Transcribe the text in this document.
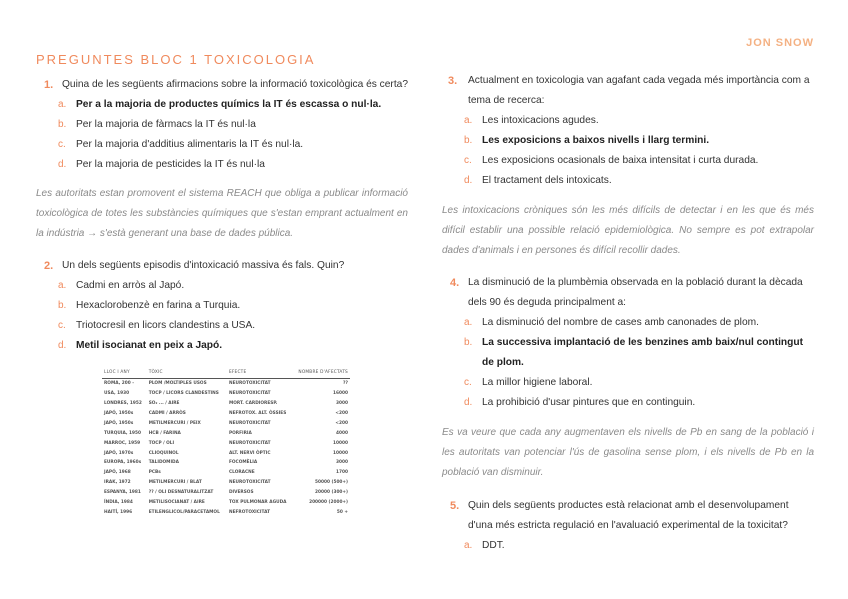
PREGUNTES BLOC 1 TOXICOLOGIA
JON SNOW
1. Quina de les següents afirmacions sobre la informació toxicològica és certa?
a. Per a la majoria de productes químics la IT és escassa o nul·la.
b. Per la majoria de fàrmacs la IT és nul·la
c. Per la majoria d'additius alimentaris la IT és nul·la.
d. Per la majoria de pesticides la IT és nul·la
Les autoritats estan promovent el sistema REACH que obliga a publicar informació toxicològica de totes les substàncies químiques que s'estan emprant actualment en la indústria → s'està generant una base de dades pública.
2. Un dels següents episodis d'intoxicació massiva és fals. Quin?
a. Cadmi en arròs al Japó.
b. Hexaclorobenzè en farina a Turquia.
c. Triotocresil en licors clandestins a USA.
d. Metil isocianat en peix a Japó.
LLOC I ANY	TÒXIC	EFECTE	NOMBRE D'AFECTATS
ROMA, 200 -	PLOM /MOLTIPLES USOS	NEUROTOXICITAT	??
USA, 1930	TOCP / LICORS CLANDESTINS	NEUROTOXICITAT	16000
LONDRES, 1952	SO₂ ... / AIRE	MORT. CARDIORESP.	3000
JAPÓ, 1950s	CADMI / ARRÒS	NEFROTOX. ALT. ÒSSIES	<200
JAPÓ, 1950s	METILMERCURI / PEIX	NEUROTOXICITAT	<200
TURQUIA, 1950	HCB / FARINA	PORFIRIA	4000
MARROC, 1959	TOCP / OLI	NEUROTOXICITAT	10000
JAPÓ, 1970s	CLIOQUINOL	ALT. NERVI ÒPTIC	10000
EUROPA, 1960s	TALIDOMIDA	FOCOMÈLIA	3000
JAPÓ, 1968	PCBs	CLORACNE	1700
IRAK, 1972	METILMERCURI / BLAT	NEUROTOXICITAT	50000 (500+)
ESPANYA, 1981	?? / OLI DESNATURALITZAT	DIVERSOS	20000 (300+)
ÍNDIA, 1984	METILISOCIANAT / AIRE	TOX PULMONAR AGUDA	200000 (2000+)
HAITÍ, 1996	ETILENGLICOL/PARACETAMOL	NEFROTOXICITAT	50 +
3.	Actualment en toxicologia van agafant cada vegada més importància com a tema de recerca:
a. Les intoxicacions agudes.
b. Les exposicions a baixos nivells i llarg termini.
c. Les exposicions ocasionals de baixa intensitat i curta durada.
d. El tractament dels intoxicats.
Les intoxicacions cròniques són les més difícils de detectar i en les que és més difícil establir una possible relació epidemiològica. No sempre es pot extrapolar dades d'animals i en persones és difícil recollir dades.
4. La disminució de la plumbèmia observada en la població durant la dècada dels 90 és deguda principalment a:
a. La disminució del nombre de cases amb canonades de plom.
b. La successiva implantació de les benzines amb baix/nul contingut de plom.
c. La millor higiene laboral.
d. La prohibició d'usar pintures que en continguin.
Es va veure que cada any augmentaven els nivells de Pb en sang de la població i les autoritats van potenciar l'ús de gasolina sense plom, i els nivells de Pb en la població van disminuir.
5. Quin dels següents productes està relacionat amb el desenvolupament d'una més estricta regulació en l'avaluació experimental de la toxicitat?
a. DDT.
